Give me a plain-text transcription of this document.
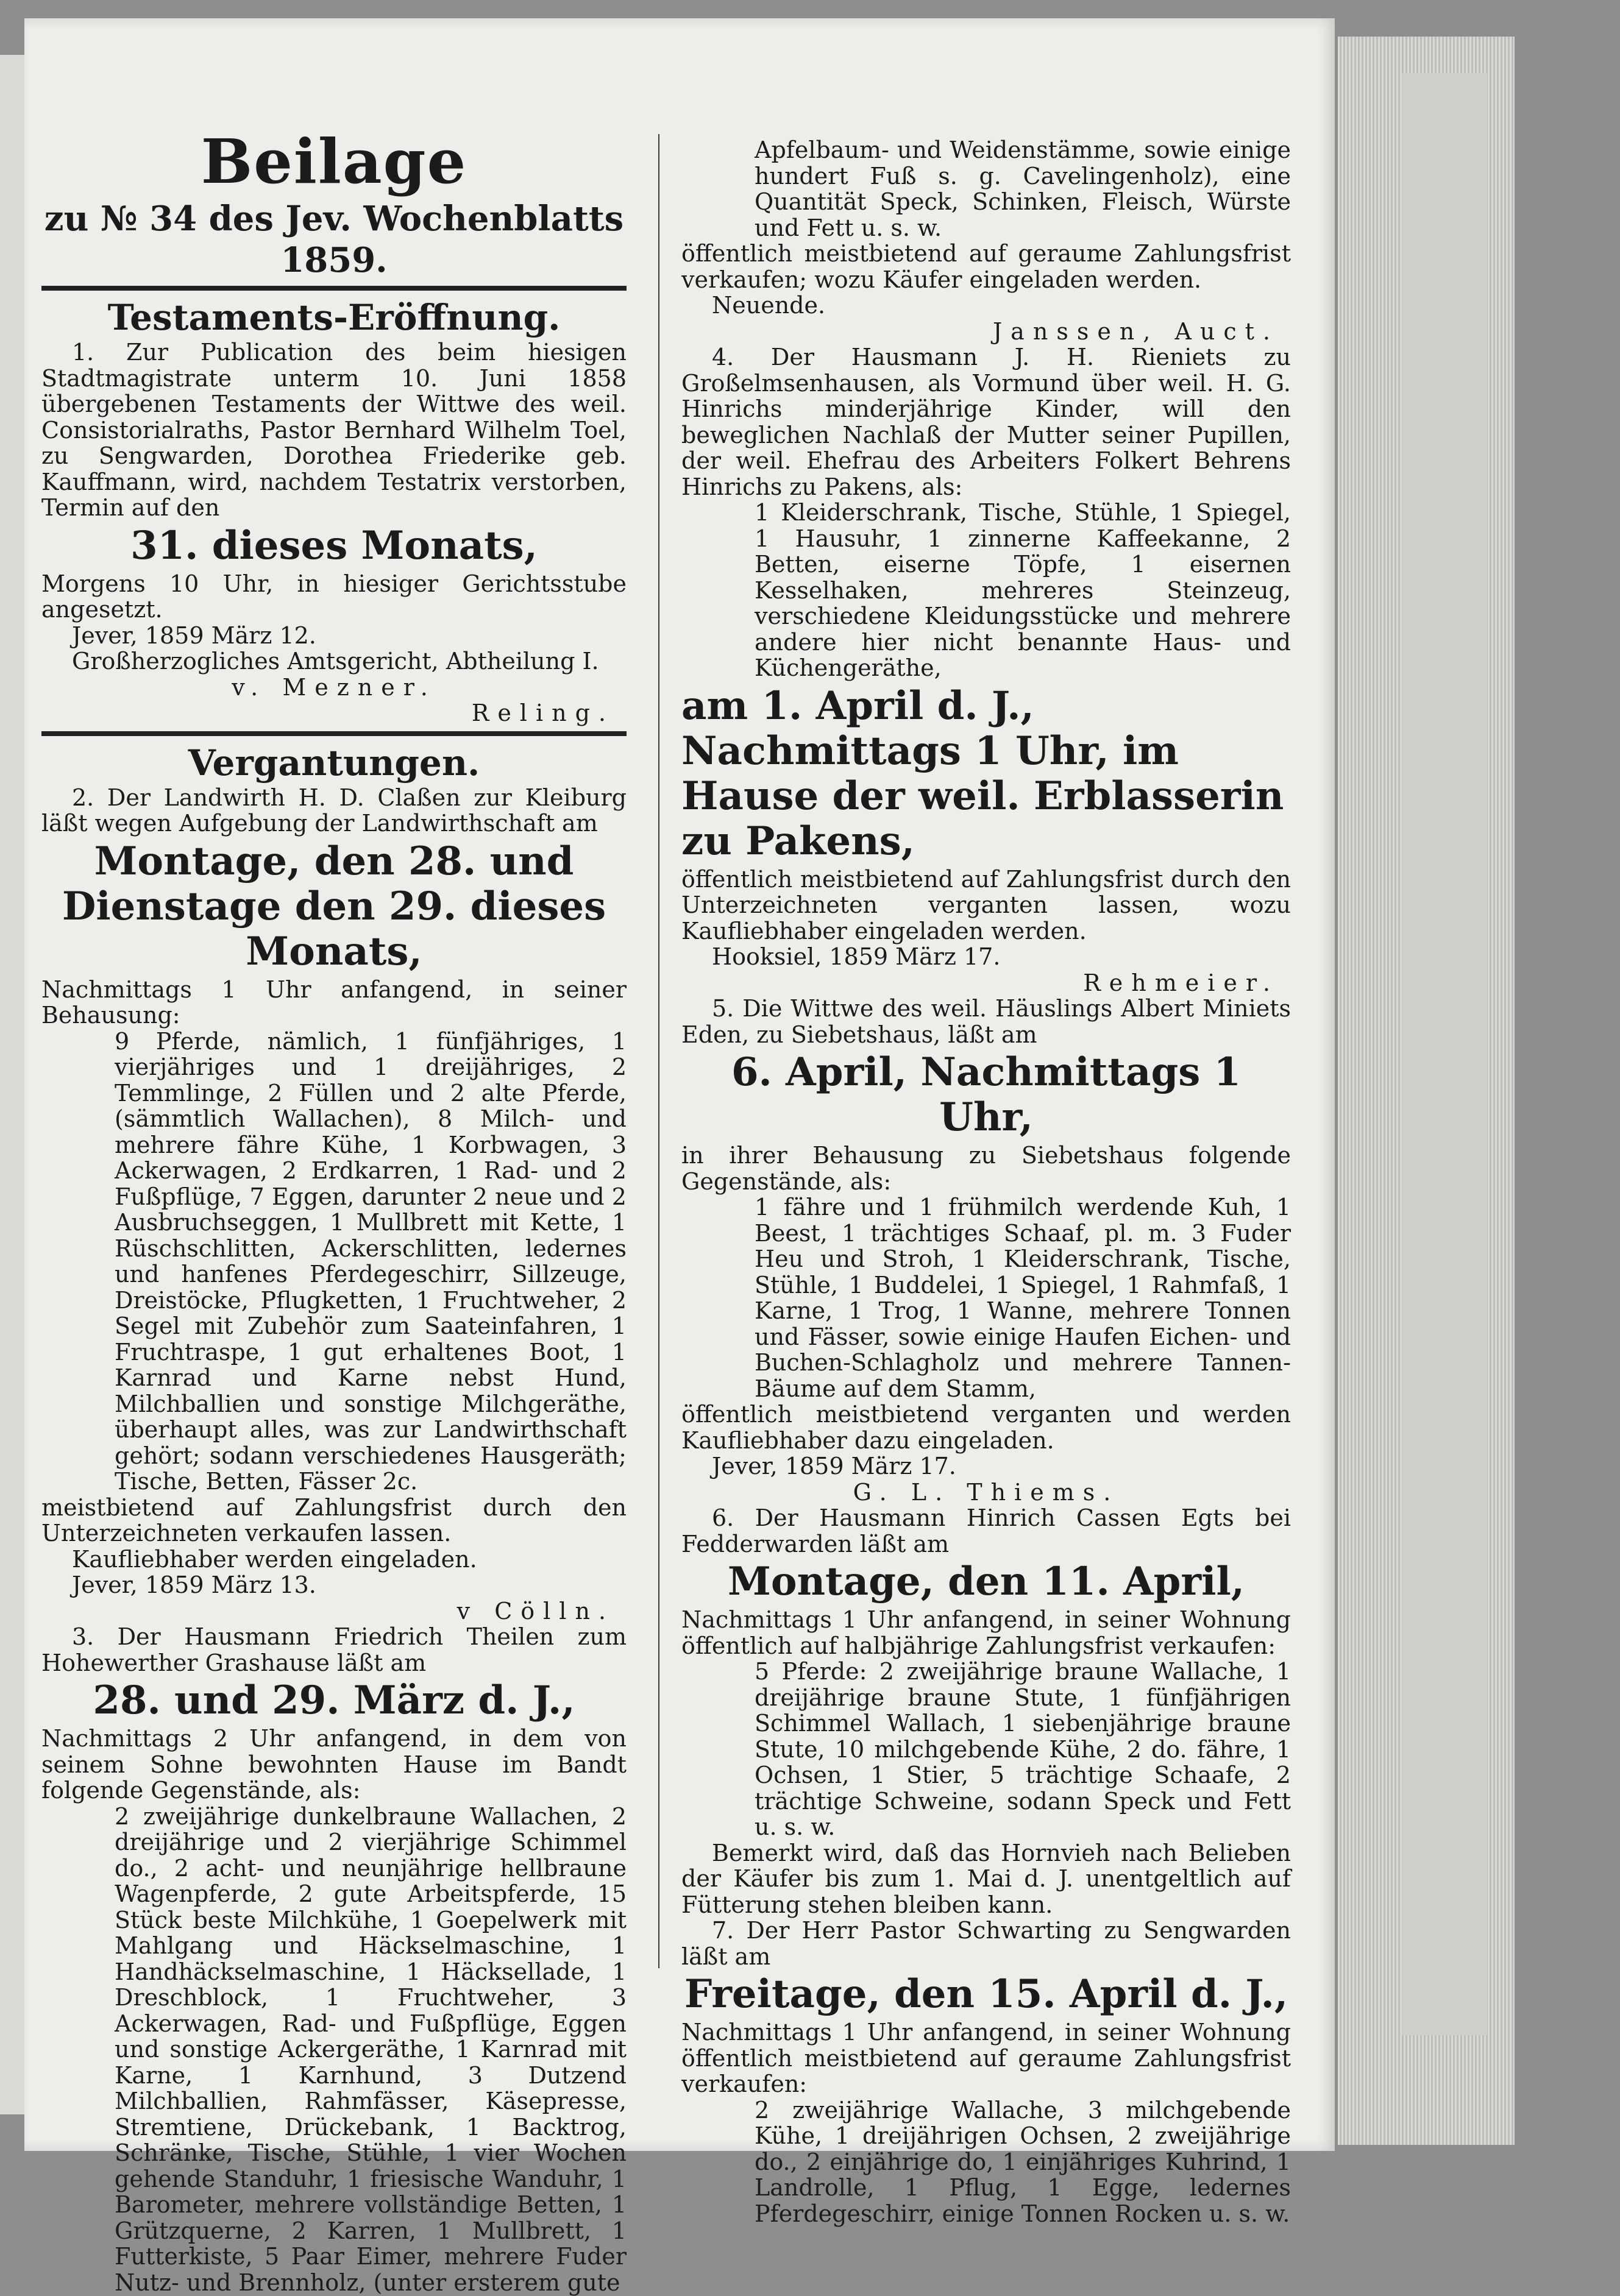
Beilage
zu № 34 des Jev. Wochenblatts 1859.
Testaments-Eröffnung.

1. Zur Publication des beim hiesigen Stadtmagistrate unterm 10. Juni 1858 übergebenen Testaments der Wittwe des weil. Consistorialraths, Pastor Bernhard Wilhelm Toel, zu Sengwarden, Dorothea Friederike geb. Kauffmann, wird, nachdem Testatrix verstorben, Termin auf den

31. dieses Monats,

Morgens 10 Uhr, in hiesiger Gerichtsstube angesetzt.

Jever, 1859 März 12.

Großherzogliches Amtsgericht, Abtheilung I.

v. Mezner.

Reling.

Vergantungen.

2. Der Landwirth H. D. Claßen zur Kleiburg läßt wegen Aufgebung der Landwirthschaft am

Montage, den 28. und Dienstage den 29. dieses Monats,

Nachmittags 1 Uhr anfangend, in seiner Behausung:

9 Pferde, nämlich, 1 fünfjähriges, 1 vierjähriges und 1 dreijähriges, 2 Temmlinge, 2 Füllen und 2 alte Pferde, (sämmtlich Wallachen), 8 Milch- und mehrere fähre Kühe, 1 Korbwagen, 3 Ackerwagen, 2 Erdkarren, 1 Rad- und 2 Fußpflüge, 7 Eggen, darunter 2 neue und 2 Ausbruchseggen, 1 Mullbrett mit Kette, 1 Rüschschlitten, Ackerschlitten, ledernes und hanfenes Pferdegeschirr, Sillzeuge, Dreistöcke, Pflugketten, 1 Fruchtweher, 2 Segel mit Zubehör zum Saateinfahren, 1 Fruchtraspe, 1 gut erhaltenes Boot, 1 Karnrad und Karne nebst Hund, Milchballien und sonstige Milchgeräthe, überhaupt alles, was zur Landwirthschaft gehört; sodann verschiedenes Hausgeräth; Tische, Betten, Fässer 2c.

meistbietend auf Zahlungsfrist durch den Unterzeichneten verkaufen lassen.

Kaufliebhaber werden eingeladen.

Jever, 1859 März 13.

v Cölln.

3. Der Hausmann Friedrich Theilen zum Hohewerther Grashause läßt am

28. und 29. März d. J.,

Nachmittags 2 Uhr anfangend, in dem von seinem Sohne bewohnten Hause im Bandt folgende Gegenstände, als:

2 zweijährige dunkelbraune Wallachen, 2 dreijährige und 2 vierjährige Schimmel do., 2 acht- und neunjährige hellbraune Wagenpferde, 2 gute Arbeitspferde, 15 Stück beste Milchkühe, 1 Goepelwerk mit Mahlgang und Häckselmaschine, 1 Handhäckselmaschine, 1 Häcksellade, 1 Dreschblock, 1 Fruchtweher, 3 Ackerwagen, Rad- und Fußpflüge, Eggen und sonstige Ackergeräthe, 1 Karnrad mit Karne, 1 Karnhund, 3 Dutzend Milchballien, Rahmfässer, Käsepresse, Stremtiene, Drückebank, 1 Backtrog, Schränke, Tische, Stühle, 1 vier Wochen gehende Standuhr, 1 friesische Wanduhr, 1 Barometer, mehrere vollständige Betten, 1 Grützquerne, 2 Karren, 1 Mullbrett, 1 Futterkiste, 5 Paar Eimer, mehrere Fuder Nutz- und Brennholz, (unter ersterem gute

Apfelbaum- und Weidenstämme, sowie einige hundert Fuß s. g. Cavelingenholz), eine Quantität Speck, Schinken, Fleisch, Würste und Fett u. s. w.

öffentlich meistbietend auf geraume Zahlungsfrist verkaufen; wozu Käufer eingeladen werden.

Neuende.

Janssen, Auct.

4. Der Hausmann J. H. Rieniets zu Großelmsenhausen, als Vormund über weil. H. G. Hinrichs minderjährige Kinder, will den beweglichen Nachlaß der Mutter seiner Pupillen, der weil. Ehefrau des Arbeiters Folkert Behrens Hinrichs zu Pakens, als:

1 Kleiderschrank, Tische, Stühle, 1 Spiegel, 1 Hausuhr, 1 zinnerne Kaffeekanne, 2 Betten, eiserne Töpfe, 1 eisernen Kesselhaken, mehreres Steinzeug, verschiedene Kleidungsstücke und mehrere andere hier nicht benannte Haus- und Küchengeräthe,

am 1. April d. J., Nachmittags 1 Uhr, im Hause der weil. Erblasserin zu Pakens,

öffentlich meistbietend auf Zahlungsfrist durch den Unterzeichneten verganten lassen, wozu Kaufliebhaber eingeladen werden.

Hooksiel, 1859 März 17.

Rehmeier.

5. Die Wittwe des weil. Häuslings Albert Miniets Eden, zu Siebetshaus, läßt am

6. April, Nachmittags 1 Uhr,

in ihrer Behausung zu Siebetshaus folgende Gegenstände, als:

1 fähre und 1 frühmilch werdende Kuh, 1 Beest, 1 trächtiges Schaaf, pl. m. 3 Fuder Heu und Stroh, 1 Kleiderschrank, Tische, Stühle, 1 Buddelei, 1 Spiegel, 1 Rahmfaß, 1 Karne, 1 Trog, 1 Wanne, mehrere Tonnen und Fässer, sowie einige Haufen Eichen- und Buchen-Schlagholz und mehrere Tannen-Bäume auf dem Stamm,

öffentlich meistbietend verganten und werden Kaufliebhaber dazu eingeladen.

Jever, 1859 März 17.

G. L. Thiems.

6. Der Hausmann Hinrich Cassen Egts bei Fedderwarden läßt am

Montage, den 11. April,

Nachmittags 1 Uhr anfangend, in seiner Wohnung öffentlich auf halbjährige Zahlungsfrist verkaufen:

5 Pferde: 2 zweijährige braune Wallache, 1 dreijährige braune Stute, 1 fünfjährigen Schimmel Wallach, 1 siebenjährige braune Stute, 10 milchgebende Kühe, 2 do. fähre, 1 Ochsen, 1 Stier, 5 trächtige Schaafe, 2 trächtige Schweine, sodann Speck und Fett u. s. w.

Bemerkt wird, daß das Hornvieh nach Belieben der Käufer bis zum 1. Mai d. J. unentgeltlich auf Fütterung stehen bleiben kann.

7. Der Herr Pastor Schwarting zu Sengwarden läßt am

Freitage, den 15. April d. J.,

Nachmittags 1 Uhr anfangend, in seiner Wohnung öffentlich meistbietend auf geraume Zahlungsfrist verkaufen:

2 zweijährige Wallache, 3 milchgebende Kühe, 1 dreijährigen Ochsen, 2 zweijährige do., 2 einjährige do, 1 einjähriges Kuhrind, 1 Landrolle, 1 Pflug, 1 Egge, ledernes Pferdegeschirr, einige Tonnen Rocken u. s. w.
